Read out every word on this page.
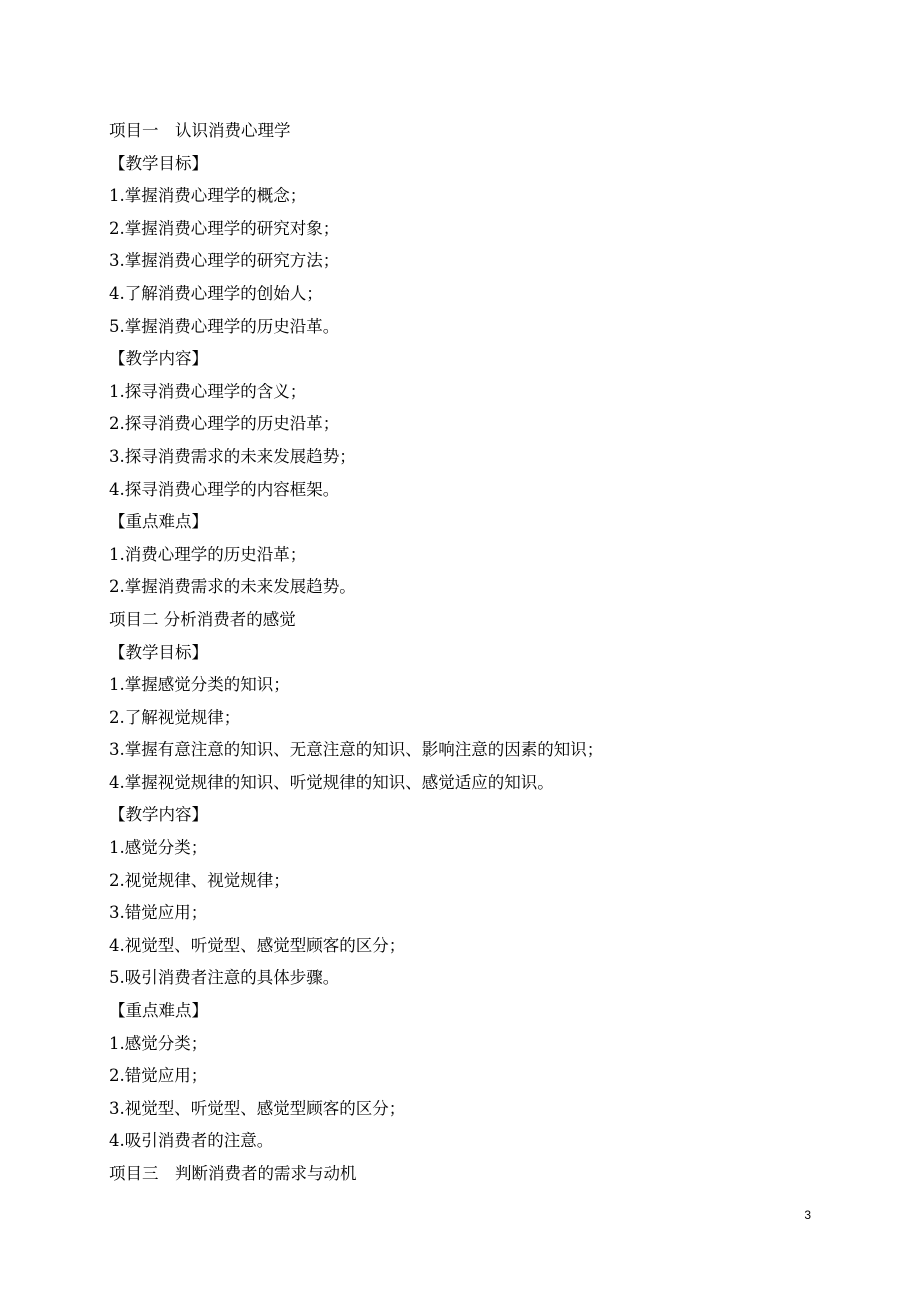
项目一　认识消费心理学
【教学目标】
1.掌握消费心理学的概念；
2.掌握消费心理学的研究对象；
3.掌握消费心理学的研究方法；
4.了解消费心理学的创始人；
5.掌握消费心理学的历史沿革。
【教学内容】
1.探寻消费心理学的含义；
2.探寻消费心理学的历史沿革；
3.探寻消费需求的未来发展趋势；
4.探寻消费心理学的内容框架。
【重点难点】
1.消费心理学的历史沿革；
2.掌握消费需求的未来发展趋势。
项目二 分析消费者的感觉
【教学目标】
1.掌握感觉分类的知识；
2.了解视觉规律；
3.掌握有意注意的知识、无意注意的知识、影响注意的因素的知识；
4.掌握视觉规律的知识、听觉规律的知识、感觉适应的知识。
【教学内容】
1.感觉分类；
2.视觉规律、视觉规律；
3.错觉应用；
4.视觉型、听觉型、感觉型顾客的区分；
5.吸引消费者注意的具体步骤。
【重点难点】
1.感觉分类；
2.错觉应用；
3.视觉型、听觉型、感觉型顾客的区分；
4.吸引消费者的注意。
项目三　判断消费者的需求与动机
3
